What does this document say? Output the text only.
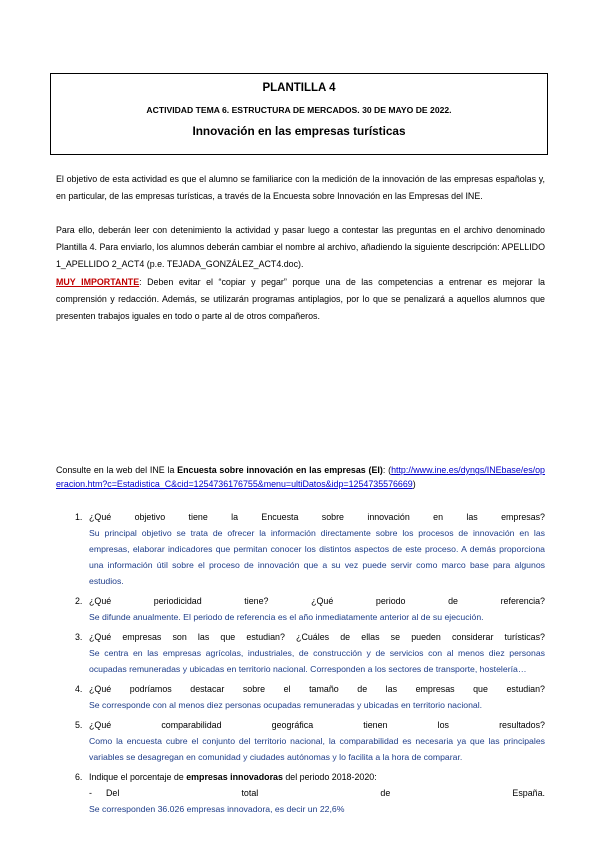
PLANTILLA 4
ACTIVIDAD TEMA 6. ESTRUCTURA DE MERCADOS. 30 DE MAYO DE 2022.
Innovación en las empresas turísticas

El objetivo de esta actividad es que el alumno se familiarice con la medición de la innovación de las empresas españolas y, en particular, de las empresas turísticas, a través de la Encuesta sobre Innovación en las Empresas del INE.

Para ello, deberán leer con detenimiento la actividad y pasar luego a contestar las preguntas en el archivo denominado Plantilla 4. Para enviarlo, los alumnos deberán cambiar el nombre al archivo, añadiendo la siguiente descripción: APELLIDO 1_APELLIDO 2_ACT4 (p.e. TEJADA_GONZÁLEZ_ACT4.doc).

MUY IMPORTANTE: Deben evitar el “copiar y pegar” porque una de las competencias a entrenar es mejorar la comprensión y redacción. Además, se utilizarán programas antiplagios, por lo que se penalizará a aquellos alumnos que presenten trabajos iguales en todo o parte al de otros compañeros.

Consulte en la web del INE la Encuesta sobre innovación en las empresas (EI): (http://www.ine.es/dyngs/INEbase/es/operacion.htm?c=Estadistica_C&cid=1254736176755&menu=ultiDatos&idp=1254735576669)

1. ¿Qué objetivo tiene la Encuesta sobre innovación en las empresas?

Su principal objetivo se trata de ofrecer la información directamente sobre los procesos de innovación en las empresas, elaborar indicadores que permitan conocer los distintos aspectos de este proceso. A demás proporciona una información útil sobre el proceso de innovación que a su vez puede servir como marco base para algunos estudios.

2. ¿Qué periodicidad tiene? ¿Qué periodo de referencia?

Se difunde anualmente. El periodo de referencia es el año inmediatamente anterior al de su ejecución.

3. ¿Qué empresas son las que estudian? ¿Cuáles de ellas se pueden considerar turísticas?

Se centra en las empresas agrícolas, industriales, de construcción y de servicios con al menos diez personas ocupadas remuneradas y ubicadas en territorio nacional. Corresponden a los sectores de transporte, hostelería…

4. ¿Qué podríamos destacar sobre el tamaño de las empresas que estudian?

Se corresponde con al menos diez personas ocupadas remuneradas y ubicadas en territorio nacional.

5. ¿Qué comparabilidad geográfica tienen los resultados?

Como la encuesta cubre el conjunto del territorio nacional, la comparabilidad es necesaria ya que las principales variables se desagregan en comunidad y ciudades autónomas y lo facilita a la hora de comparar.

6. Indique el porcentaje de empresas innovadoras del periodo 2018-2020:

- Del total de España.

Se corresponden 36.026 empresas innovadora, es decir un 22,6%
